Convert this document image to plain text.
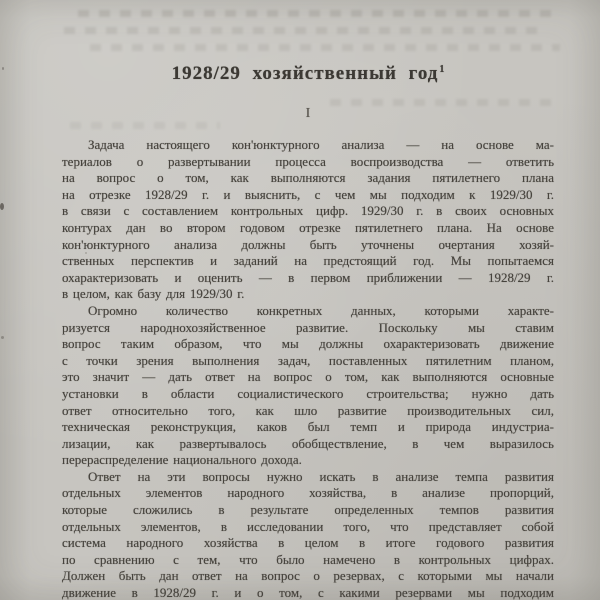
1928/29 хозяйственный год$^1$
I
Задача настоящего кон'юнктурного анализа — на основе ма-
териалов о развертывании процесса воспроизводства — ответить
на вопрос о том, как выполняются задания пятилетнего плана
на отрезке 1928/29 г. и выяснить, с чем мы подходим к 1929/30 г.
в связи с составлением контрольных цифр. 1929/30 г. в своих основных
контурах дан во втором годовом отрезке пятилетнего плана. На основе
кон'юнктурного анализа должны быть уточнены очертания хозяй-
ственных перспектив и заданий на предстоящий год. Мы попытаемся
охарактеризовать и оценить — в первом приближении — 1928/29 г.
в целом, как базу для 1929/30 г.
Огромно количество конкретных данных, которыми характе-
ризуется народнохозяйственное развитие. Поскольку мы ставим
вопрос таким образом, что мы должны охарактеризовать движение
с точки зрения выполнения задач, поставленных пятилетним планом,
это значит — дать ответ на вопрос о том, как выполняются основные
установки в области социалистического строительства; нужно дать
ответ относительно того, как шло развитие производительных сил,
техническая реконструкция, каков был темп и природа индустриа-
лизации, как развертывалось обобществление, в чем выразилось
перераспределение национального дохода.
Ответ на эти вопросы нужно искать в анализе темпа развития
отдельных элементов народного хозяйства, в анализе пропорций,
которые сложились в результате определенных темпов развития
отдельных элементов, в исследовании того, что представляет собой
система народного хозяйства в целом в итоге годового развития
по сравнению с тем, что было намечено в контрольных цифрах.
Должен быть дан ответ на вопрос о резервах, с которыми мы начали
движение в 1928/29 г. и о том, с какими резервами мы подходим
